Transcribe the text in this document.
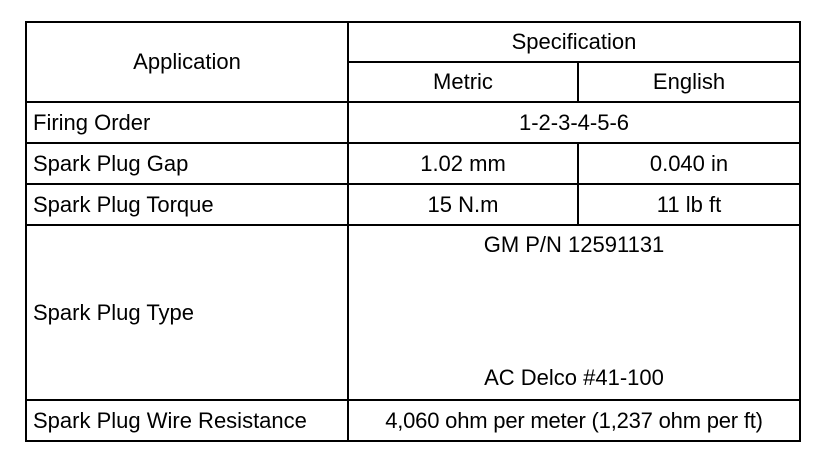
Application	Specification	
	Metric	English
Firing Order	1-2-3-4-5-6	
Spark Plug Gap	1.02 mm	0.040 in
Spark Plug Torque	15 N.m	11 lb ft
Spark Plug Type	GM P/N 12591131
AC Delco #41-100	

Spark Plug Wire Resistance	4,060 ohm per meter (1,237 ohm per ft)	
